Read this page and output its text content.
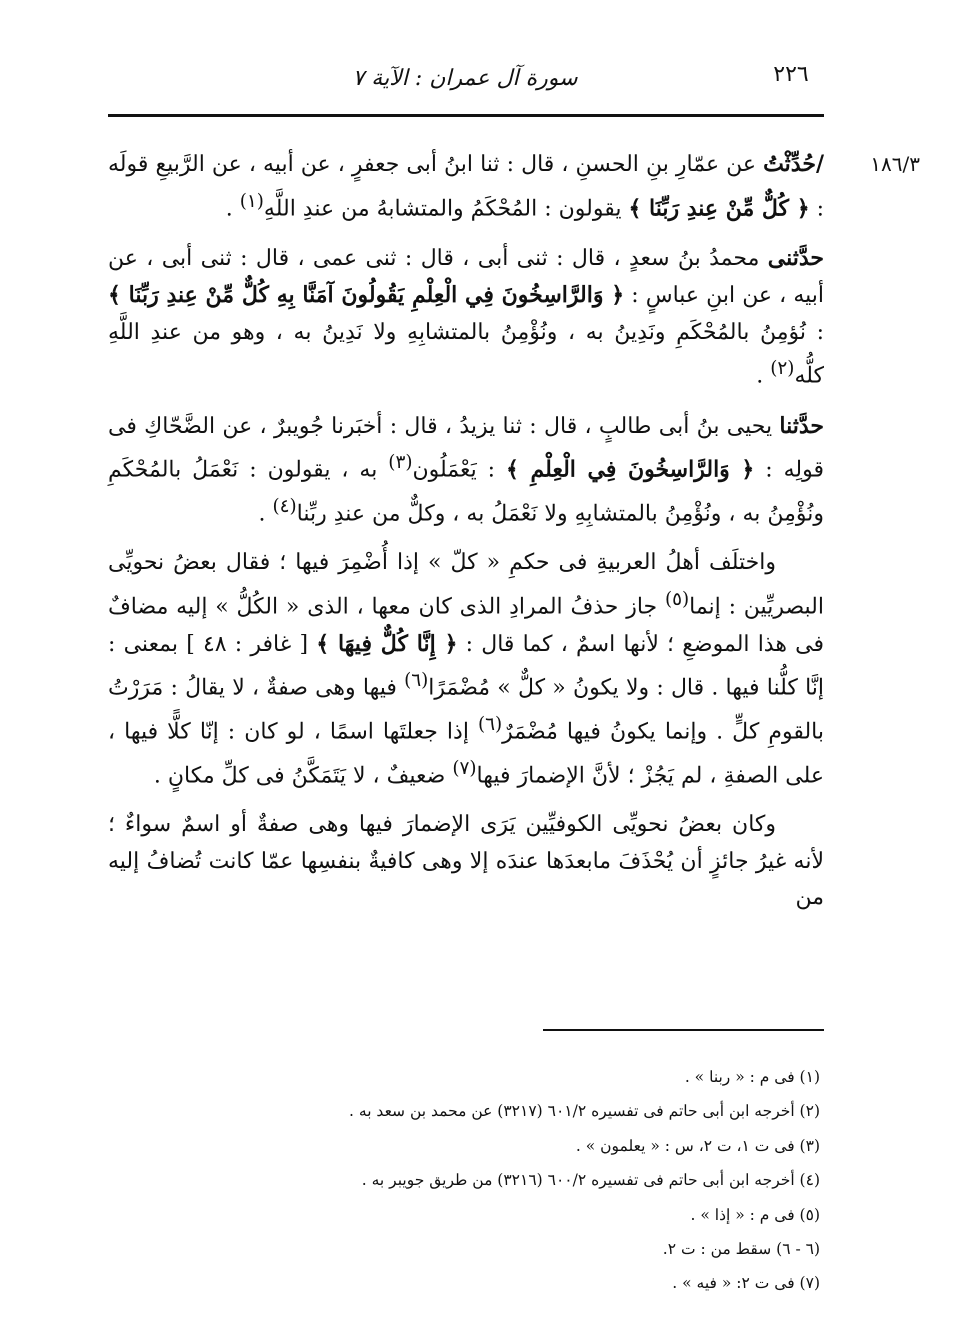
٢٢٦
سورة آل عمران : الآية ٧
١٨٦/٣

/حُدِّثْتُ عن عمّارِ بنِ الحسنِ ، قال : ثنا ابنُ أبى جعفرٍ ، عن أبيه ، عن الرَّبيعِ قولَه : ﴿ كُلٌّ مِّنْ عِندِ رَبِّنَا ﴾ يقولون : المُحْكَمُ والمتشابهُ من عندِ اللَّهِ$^{(١)}$ .

حدَّثنى محمدُ بنُ سعدٍ ، قال : ثنى أبى ، قال : ثنى عمى ، قال : ثنى أبى ، عن أبيه ، عن ابنِ عباسٍ : ﴿ وَالرَّاسِخُونَ فِي الْعِلْمِ يَقُولُونَ آمَنَّا بِهِ كُلٌّ مِّنْ عِندِ رَبِّنَا ﴾ : نُؤمِنُ بالمُحْكَمِ ونَدِينُ به ، ونُؤْمِنُ بالمتشابِهِ ولا نَدِينُ به ، وهو من عندِ اللَّهِ كلُّه$^{(٢)}$ .

حدَّثنا يحيى بنُ أبى طالبٍ ، قال : ثنا يزيدُ ، قال : أخبَرنا جُويبرٌ ، عن الضَّحّاكِ فى قولِه : ﴿ وَالرَّاسِخُونَ فِي الْعِلْمِ ﴾ : يَعْمَلُون$^{(٣)}$ به ، يقولون : نَعْمَلُ بالمُحْكَمِ ونُؤْمِنُ به ، ونُؤْمِنُ بالمتشابِهِ ولا نَعْمَلُ به ، وكلٌّ من عندِ ربِّنا$^{(٤)}$ .

واختلَف أهلُ العربيةِ فى حكمِ « كلّ » إذا أُضْمِرَ فيها ؛ فقال بعضُ نحويِّى البصريِّين : إنما$^{(٥)}$ جاز حذفُ المرادِ الذى كان معها ، الذى « الكُلُّ » إليه مضافٌ فى هذا الموضعِ ؛ لأنها اسمٌ ، كما قال : ﴿ إِنَّا كُلٌّ فِيهَا ﴾ [ غافر : ٤٨ ] بمعنى : إنَّا كلُّنا فيها . قال : ولا يكونُ « كلٌّ » مُضْمَرًا$^{(٦)}$ فيها وهى صفةٌ ، لا يقالُ : مَرَرْتُ بالقومِ كلٍّ . وإنما يكونُ فيها مُضْمَرٌ$^{(٦)}$ إذا جعلتَها اسمًا ، لو كان : إنّا كلًّا فيها ، على الصفةِ ، لم يَجُزْ ؛ لأنَّ الإضمارَ فيها$^{(٧)}$ ضعيفٌ ، لا يَتَمَكَّنُ فى كلِّ مكانٍ .

وكان بعضُ نحويِّى الكوفيِّين يَرَى الإضمارَ فيها وهى صفةٌ أو اسمٌ سواءٌ ؛ لأنه غيرُ جائزٍ أن يُحْذَفَ مابعدَها عندَه إلا وهى كافيةٌ بنفسِها عمّا كانت تُضافُ إليه من

(١) فى م : « ربنا » .

(٢) أخرجه ابن أبى حاتم فى تفسيره ٦٠١/٢ (٣٢١٧) عن محمد بن سعد به .

(٣) فى ت ١، ت ٢، س : « يعلمون » .

(٤) أخرجه ابن أبى حاتم فى تفسيره ٦٠٠/٢ (٣٢١٦) من طريق جويبر به .

(٥) فى م : « إذا » .

(٦ - ٦) سقط من : ت ٢.

(٧) فى ت ٢: « فيه » .
